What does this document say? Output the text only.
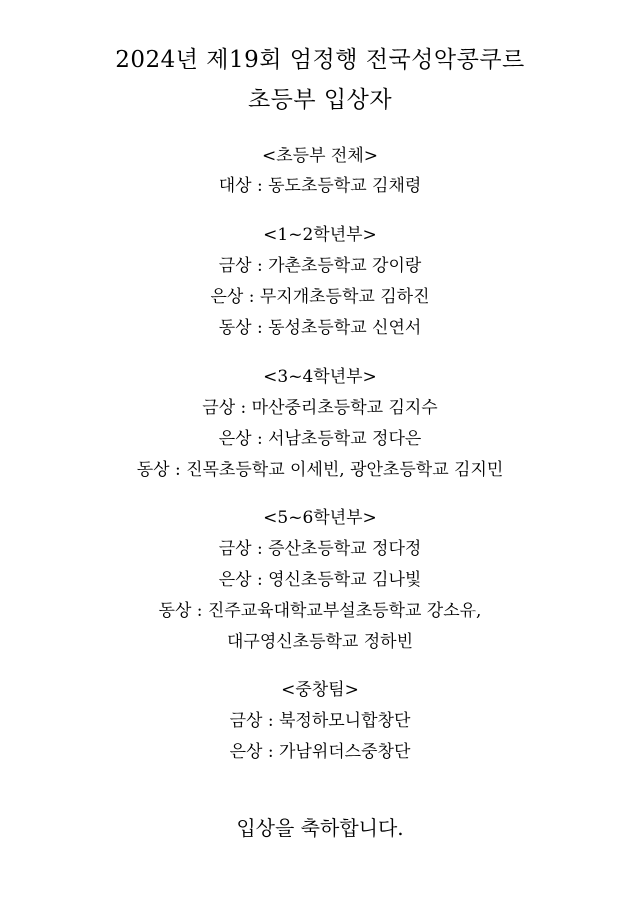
2024년 제19회 엄정행 전국성악콩쿠르
초등부 입상자
<초등부 전체>
대상 : 동도초등학교 김채령
<1~2학년부>
금상 : 가촌초등학교 강이랑
은상 : 무지개초등학교 김하진
동상 : 동성초등학교 신연서
<3~4학년부>
금상 : 마산중리초등학교 김지수
은상 : 서남초등학교 정다은
동상 : 진목초등학교 이세빈, 광안초등학교 김지민
<5~6학년부>
금상 : 증산초등학교 정다정
은상 : 영신초등학교 김나빛
동상 : 진주교육대학교부설초등학교 강소유,
대구영신초등학교 정하빈
<중창팀>
금상 : 북정하모니합창단
은상 : 가남위더스중창단
입상을 축하합니다.
